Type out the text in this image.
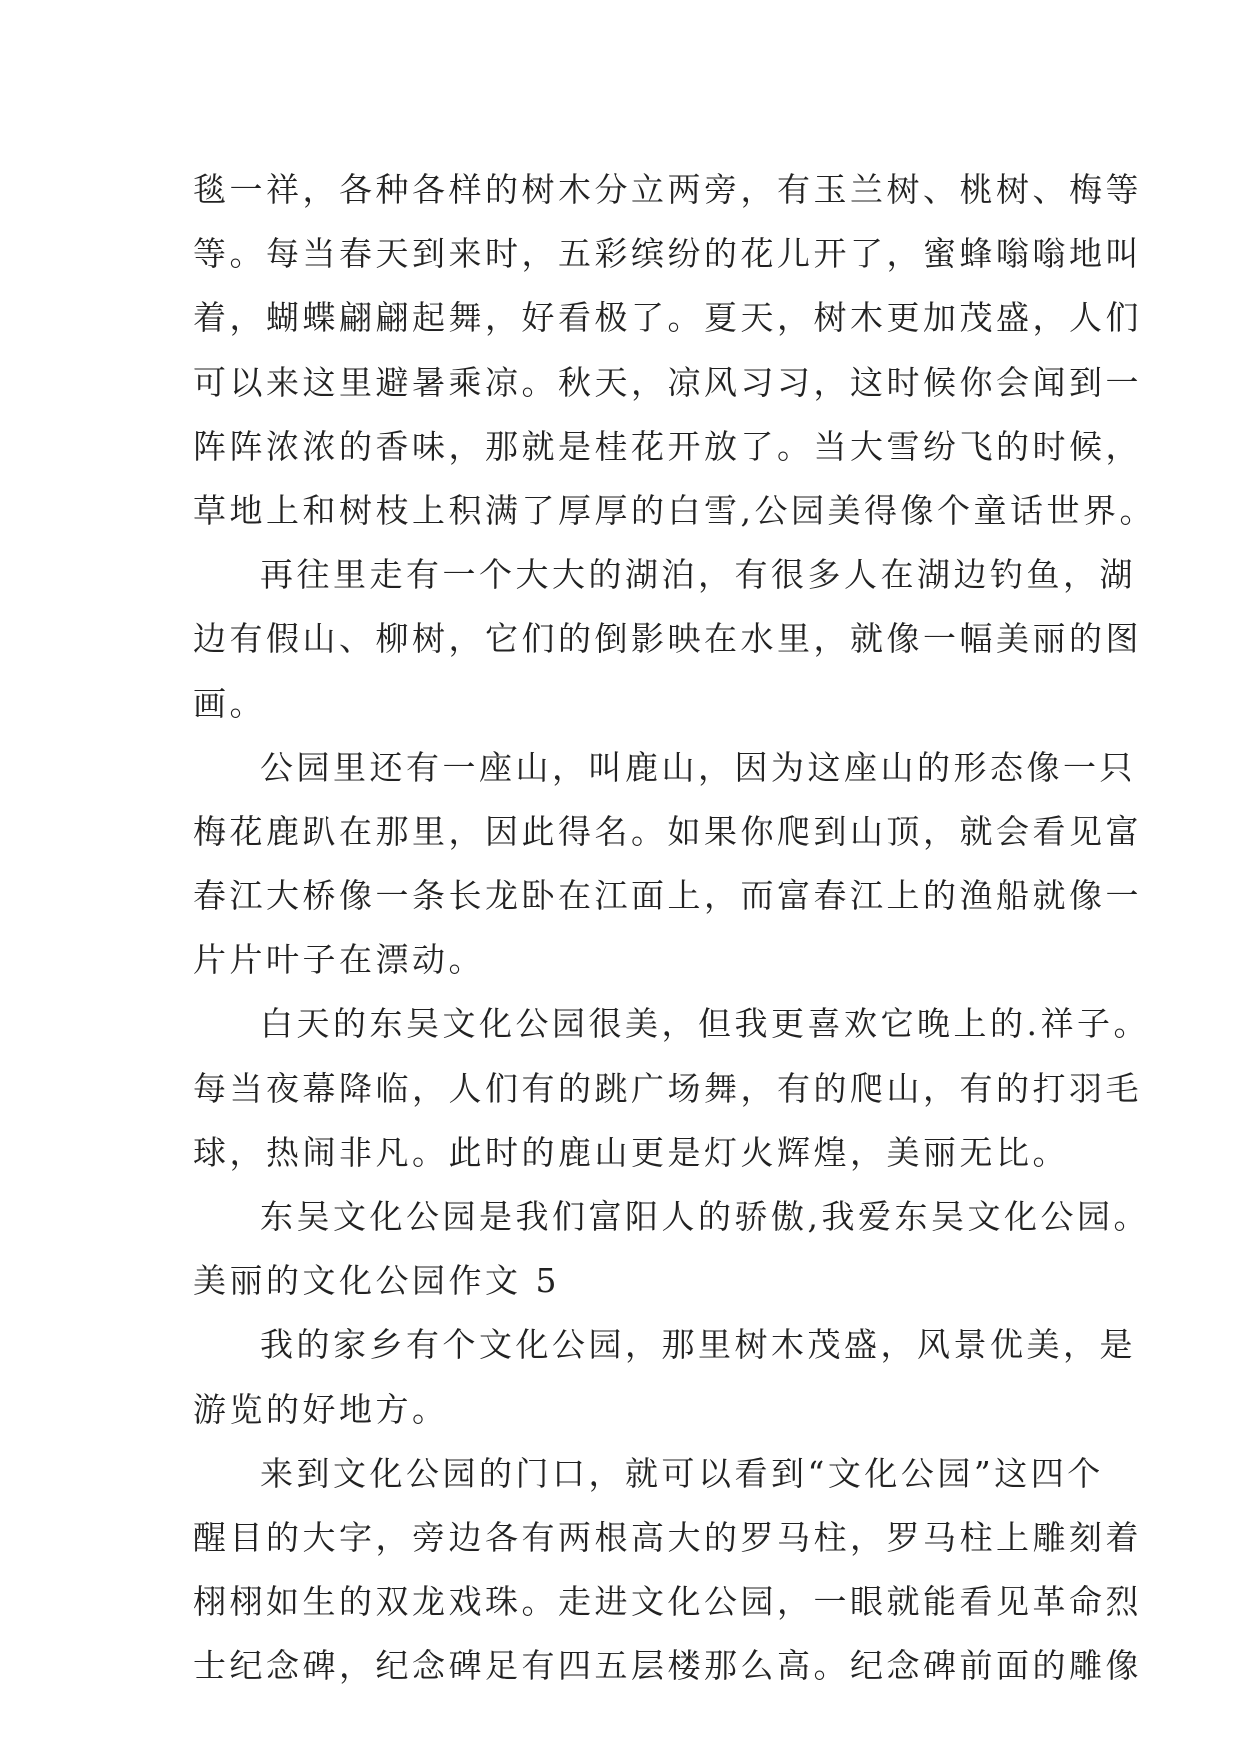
毯一祥，各种各样的树木分立两旁，有玉兰树、桃树、梅等
等。每当春天到来时，五彩缤纷的花儿开了，蜜蜂嗡嗡地叫
着，蝴蝶翩翩起舞，好看极了。夏天，树木更加茂盛，人们
可以来这里避暑乘凉。秋天，凉风习习，这时候你会闻到一
阵阵浓浓的香味，那就是桂花开放了。当大雪纷飞的时候，
草地上和树枝上积满了厚厚的白雪,公园美得像个童话世界。
再往里走有一个大大的湖泊，有很多人在湖边钓鱼，湖
边有假山、柳树，它们的倒影映在水里，就像一幅美丽的图
画。
公园里还有一座山，叫鹿山，因为这座山的形态像一只
梅花鹿趴在那里，因此得名。如果你爬到山顶，就会看见富
春江大桥像一条长龙卧在江面上，而富春江上的渔船就像一
片片叶子在漂动。
白天的东吴文化公园很美，但我更喜欢它晚上的.祥子。
每当夜幕降临，人们有的跳广场舞，有的爬山，有的打羽毛
球，热闹非凡。此时的鹿山更是灯火辉煌，美丽无比。
东吴文化公园是我们富阳人的骄傲,我爱东吴文化公园。
美丽的文化公园作文 5
我的家乡有个文化公园，那里树木茂盛，风景优美，是
游览的好地方。
来到文化公园的门口，就可以看到“文化公园”这四个
醒目的大字，旁边各有两根高大的罗马柱，罗马柱上雕刻着
栩栩如生的双龙戏珠。走进文化公园，一眼就能看见革命烈
士纪念碑，纪念碑足有四五层楼那么高。纪念碑前面的雕像
